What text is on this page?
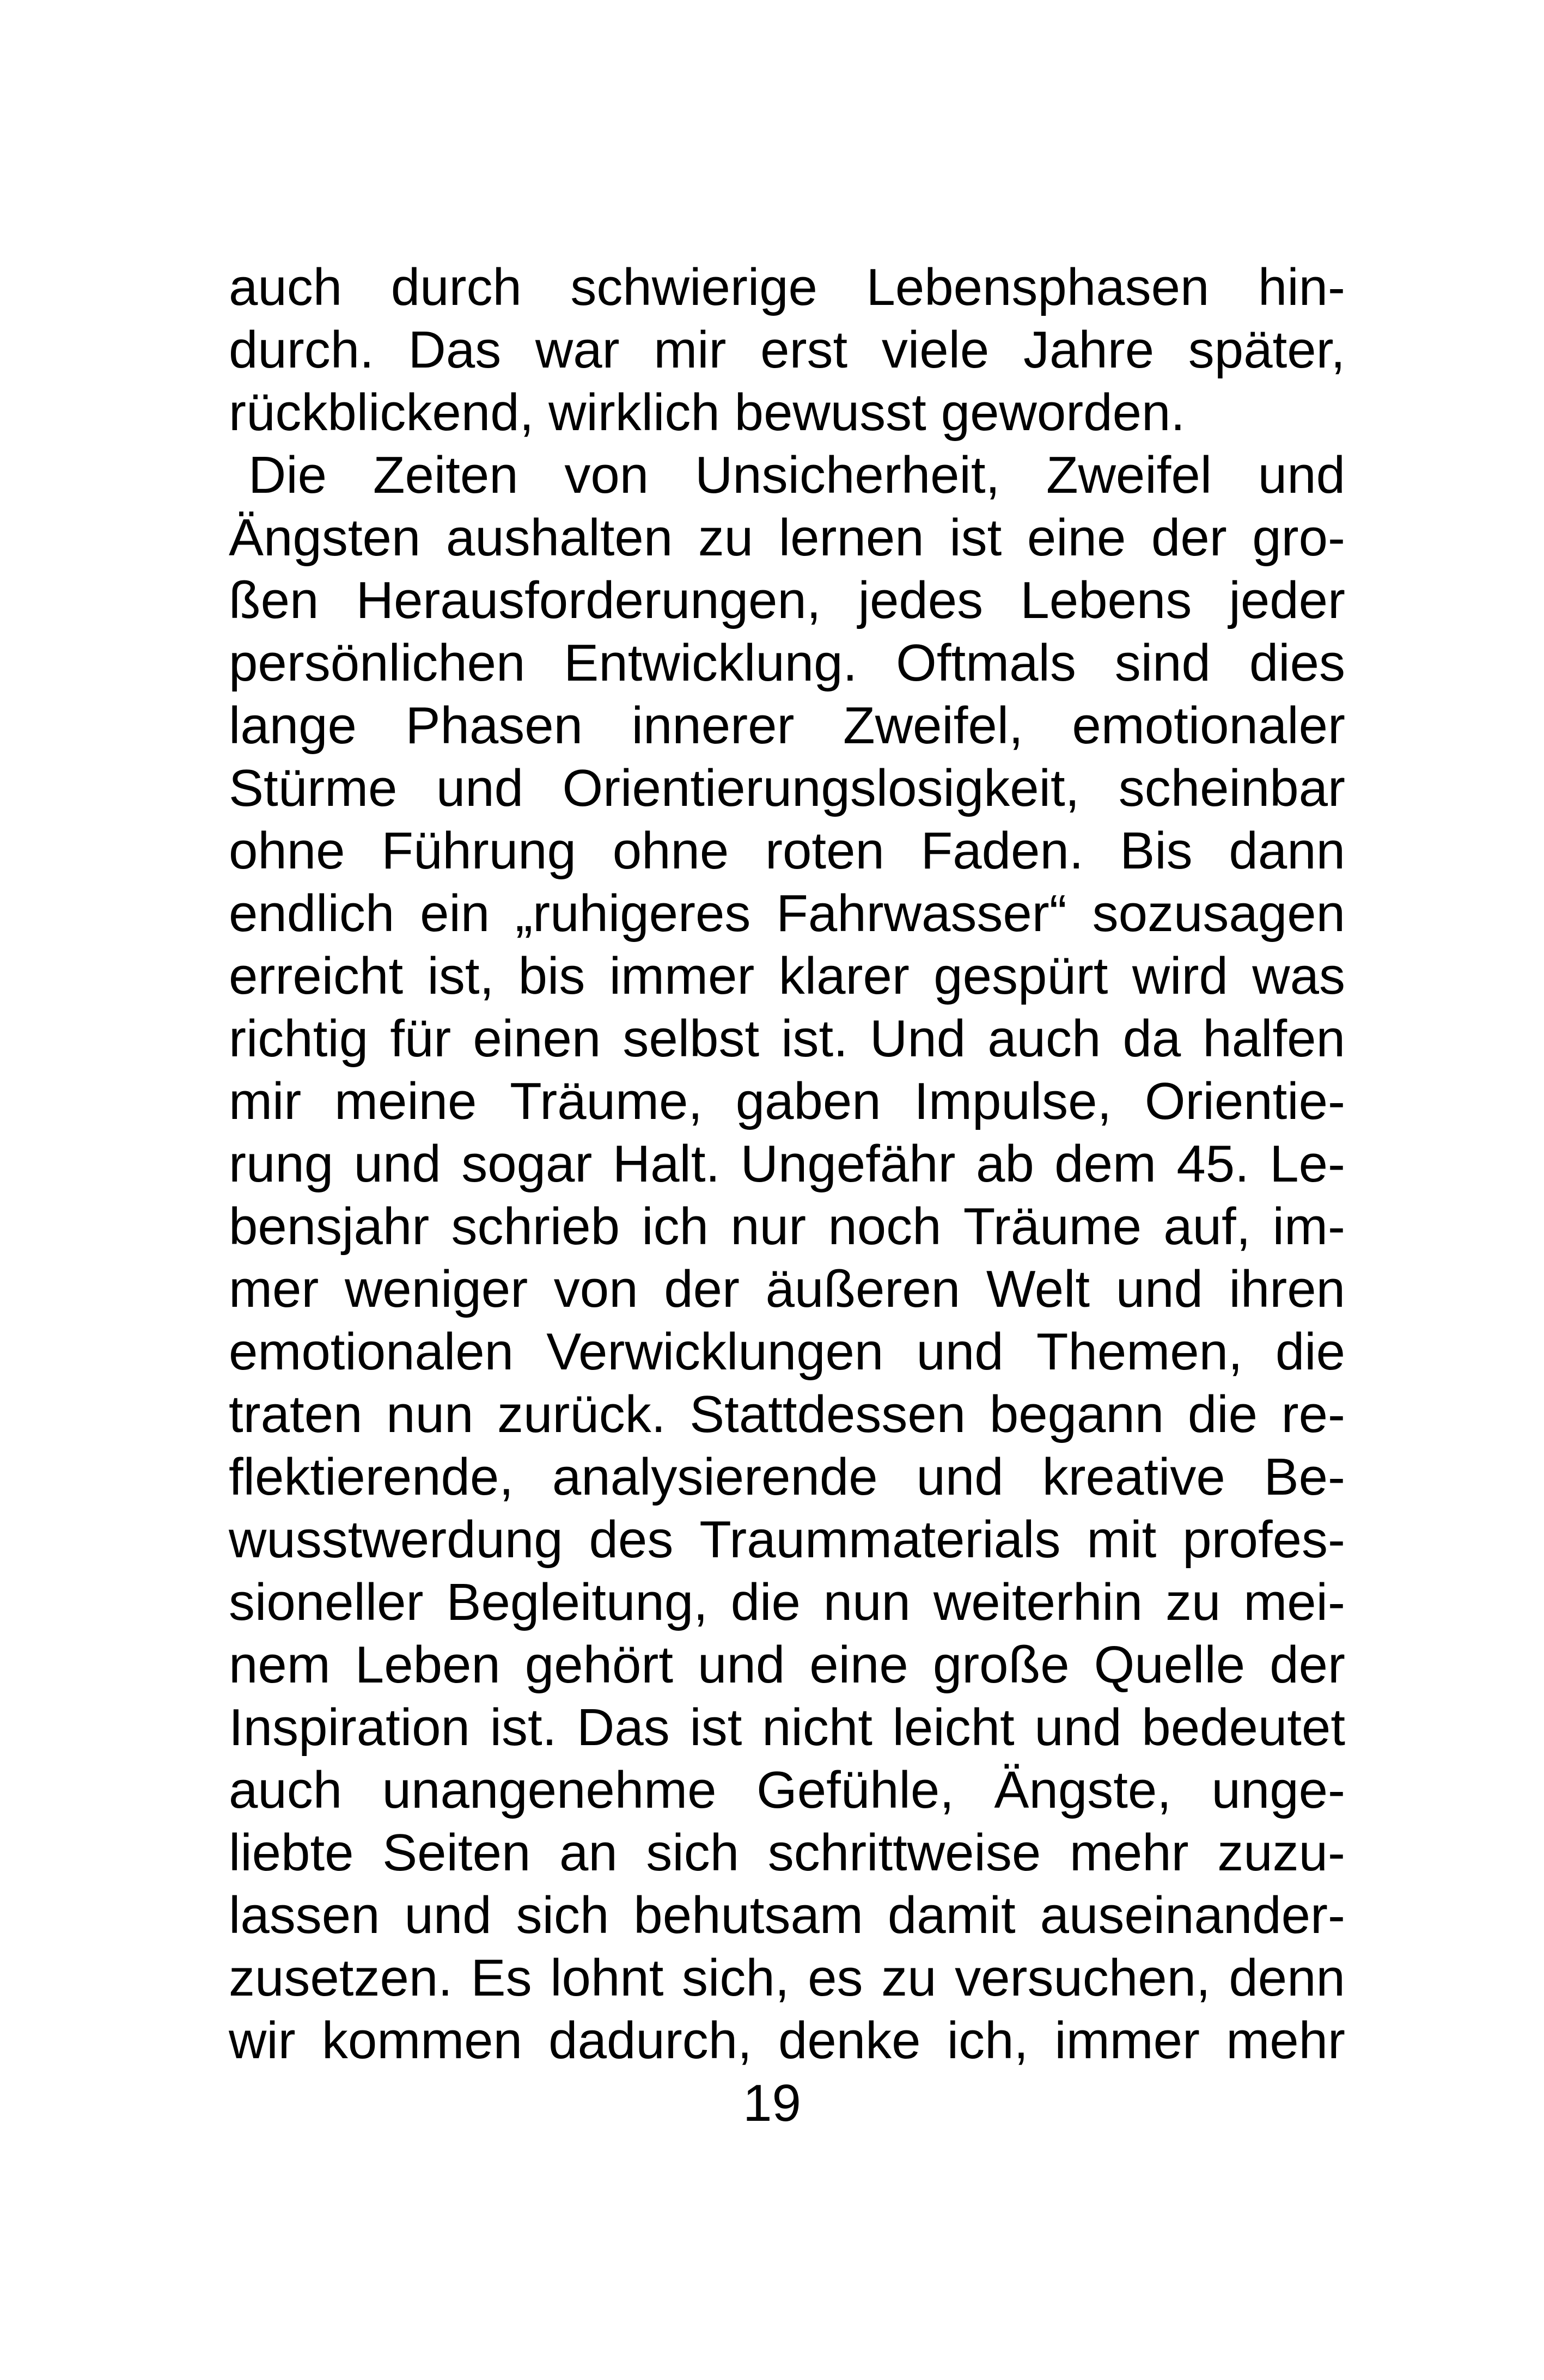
auch durch schwierige Lebensphasen hin-
durch. Das war mir erst viele Jahre später,
rückblickend, wirklich bewusst geworden.
Die Zeiten von Unsicherheit, Zweifel und
Ängsten aushalten zu lernen ist eine der gro-
ßen Herausforderungen, jedes Lebens jeder
persönlichen Entwicklung. Oftmals sind dies
lange Phasen innerer Zweifel, emotionaler
Stürme und Orientierungslosigkeit, scheinbar
ohne Führung ohne roten Faden. Bis dann
endlich ein „ruhigeres Fahrwasser“ sozusagen
erreicht ist, bis immer klarer gespürt wird was
richtig für einen selbst ist. Und auch da halfen
mir meine Träume, gaben Impulse, Orientie-
rung und sogar Halt. Ungefähr ab dem 45. Le-
bensjahr schrieb ich nur noch Träume auf, im-
mer weniger von der äußeren Welt und ihren
emotionalen Verwicklungen und Themen, die
traten nun zurück. Stattdessen begann die re-
flektierende, analysierende und kreative Be-
wusstwerdung des Traummaterials mit profes-
sioneller Begleitung, die nun weiterhin zu mei-
nem Leben gehört und eine große Quelle der
Inspiration ist. Das ist nicht leicht und bedeutet
auch unangenehme Gefühle, Ängste, unge-
liebte Seiten an sich schrittweise mehr zuzu-
lassen und sich behutsam damit auseinander-
zusetzen. Es lohnt sich, es zu versuchen, denn
wir kommen dadurch, denke ich, immer mehr
19
